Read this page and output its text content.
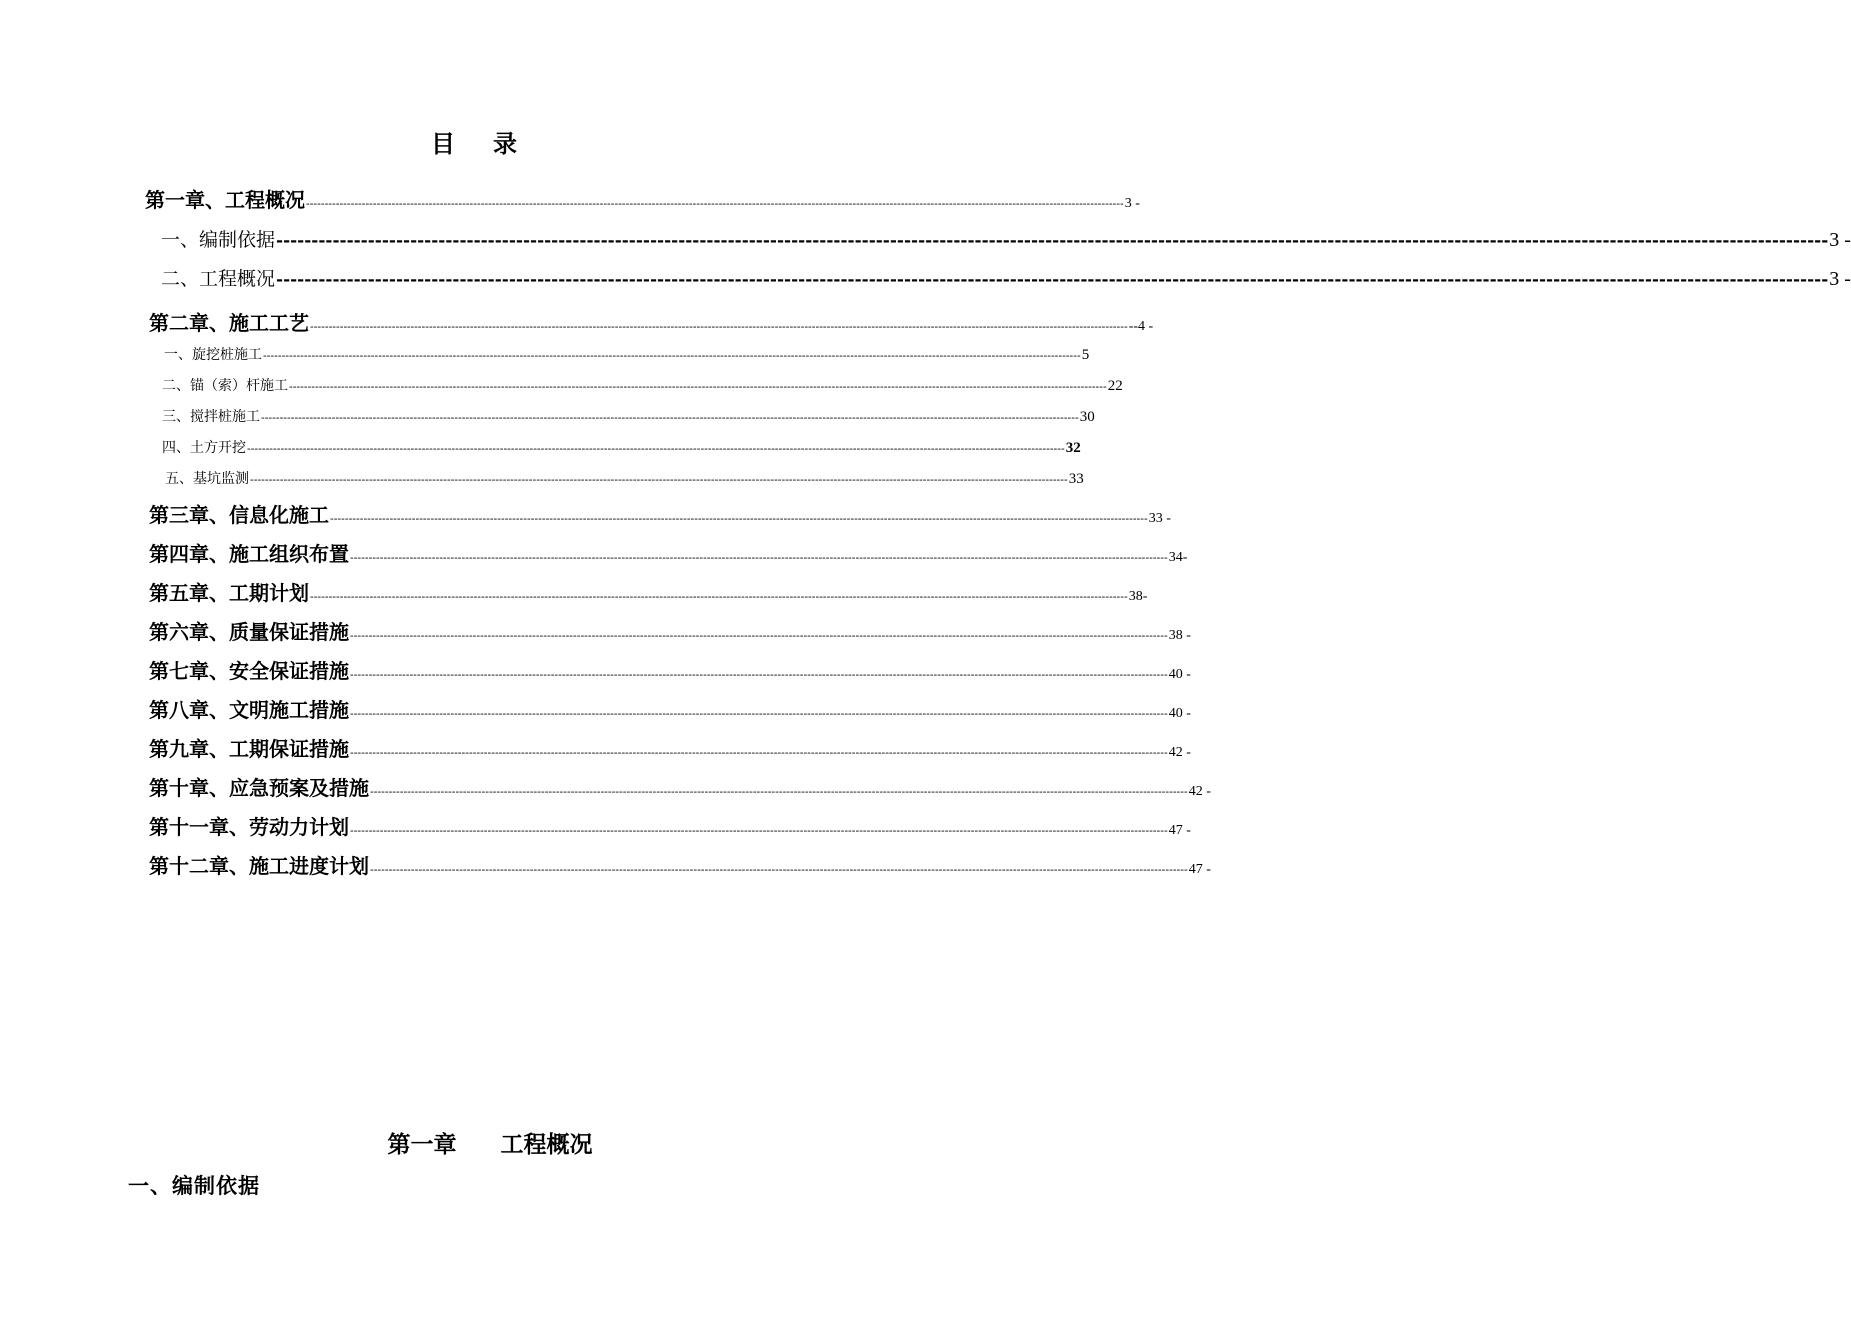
目 录
第一章、工程概况 ---------------------------------------------------------------------------------------------------------------------------------------------------------------------------------------------------------------------------- 3 -
一、编制依据 ---------------------------------------------------------------------------------------------------------------------------------------------------------------------------------------------------------------------------- 3 -
二、工程概况 ---------------------------------------------------------------------------------------------------------------------------------------------------------------------------------------------------------------------------- 3 -
第二章、施工工艺 ---------------------------------------------------------------------------------------------------------------------------------------------------------------------------------------------------------------------------- --4 -
一、旋挖桩施工 ---------------------------------------------------------------------------------------------------------------------------------------------------------------------------------------------------------------------------- 5
二、锚（索）杆施工 ---------------------------------------------------------------------------------------------------------------------------------------------------------------------------------------------------------------------------- 22
三、搅拌桩施工 ---------------------------------------------------------------------------------------------------------------------------------------------------------------------------------------------------------------------------- 30
四、土方开挖 ---------------------------------------------------------------------------------------------------------------------------------------------------------------------------------------------------------------------------- 32
五、基坑监测 ---------------------------------------------------------------------------------------------------------------------------------------------------------------------------------------------------------------------------- 33
第三章、信息化施工 ---------------------------------------------------------------------------------------------------------------------------------------------------------------------------------------------------------------------------- 33 -
第四章、施工组织布置 ---------------------------------------------------------------------------------------------------------------------------------------------------------------------------------------------------------------------------- 34-
第五章、工期计划 ---------------------------------------------------------------------------------------------------------------------------------------------------------------------------------------------------------------------------- 38-
第六章、质量保证措施 ---------------------------------------------------------------------------------------------------------------------------------------------------------------------------------------------------------------------------- 38 -
第七章、安全保证措施 ---------------------------------------------------------------------------------------------------------------------------------------------------------------------------------------------------------------------------- 40 -
第八章、文明施工措施 ---------------------------------------------------------------------------------------------------------------------------------------------------------------------------------------------------------------------------- 40 -
第九章、工期保证措施 ---------------------------------------------------------------------------------------------------------------------------------------------------------------------------------------------------------------------------- 42 -
第十章、应急预案及措施 ---------------------------------------------------------------------------------------------------------------------------------------------------------------------------------------------------------------------------- 42 -
第十一章、劳动力计划 ---------------------------------------------------------------------------------------------------------------------------------------------------------------------------------------------------------------------------- 47 -
第十二章、施工进度计划 ---------------------------------------------------------------------------------------------------------------------------------------------------------------------------------------------------------------------------- 47 -
第一章 工程概况
一、编制依据
